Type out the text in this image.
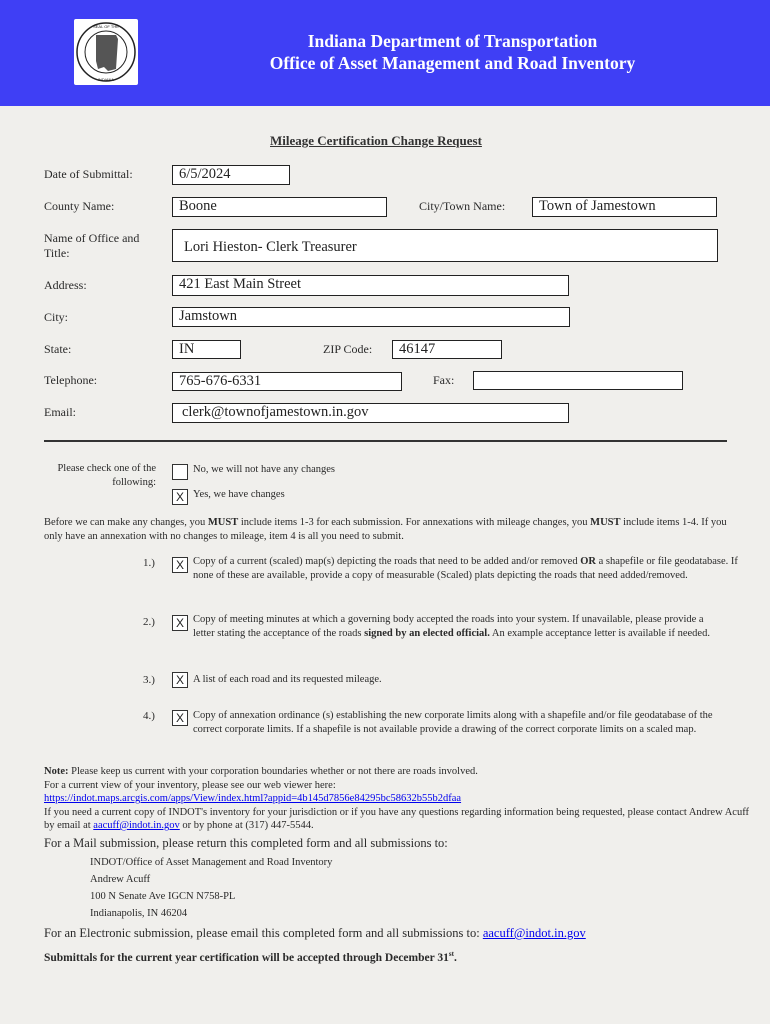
SEAL OF THE
INDIANA
Indiana Department of Transportation
Office of Asset Management and Road Inventory
Mileage Certification Change Request
Date of Submittal:	6/5/2024
County Name:	Boone	City/Town Name:	Town of Jamestown
Name of Office and
Title:	Lori Hieston- Clerk Treasurer
Address:	421 East Main Street
City:	Jamstown
State:	IN	ZIP Code:	46147
Telephone:	765-676-6331	Fax:
Email:	clerk@townofjamestown.in.gov
Please check one of the
following:
No, we will not have any changes
X Yes, we have changes
Before we can make any changes, you MUST include items 1-3 for each submission. For annexations with mileage changes, you MUST include items 1-4. If you only have an annexation with no changes to mileage, item 4 is all you need to submit.
1.)	X Copy of a current (scaled) map(s) depicting the roads that need to be added and/or removed OR a shapefile or file geodatabase. If none of these are available, provide a copy of measurable (Scaled) plats depicting the roads that need added/removed.
2.)	X Copy of meeting minutes at which a governing body accepted the roads into your system. If unavailable, please provide a letter stating the acceptance of the roads signed by an elected official. An example acceptance letter is available if needed.
3.)	X A list of each road and its requested mileage.
4.)	X Copy of annexation ordinance (s) establishing the new corporate limits along with a shapefile and/or file geodatabase of the correct corporate limits. If a shapefile is not available provide a drawing of the correct corporate limits on a scaled map.
Note: Please keep us current with your corporation boundaries whether or not there are roads involved.
For a current view of your inventory, please see our web viewer here:
https://indot.maps.arcgis.com/apps/View/index.html?appid=4b145d7856e84295bc58632b55b2dfaa
If you need a current copy of INDOT's inventory for your jurisdiction or if you have any questions regarding information being requested, please contact Andrew Acuff by email at aacuff@indot.in.gov or by phone at (317) 447-5544.
For a Mail submission, please return this completed form and all submissions to:
INDOT/Office of Asset Management and Road Inventory
Andrew Acuff
100 N Senate Ave IGCN N758-PL
Indianapolis, IN 46204
For an Electronic submission, please email this completed form and all submissions to: aacuff@indot.in.gov
Submittals for the current year certification will be accepted through December 31st.
